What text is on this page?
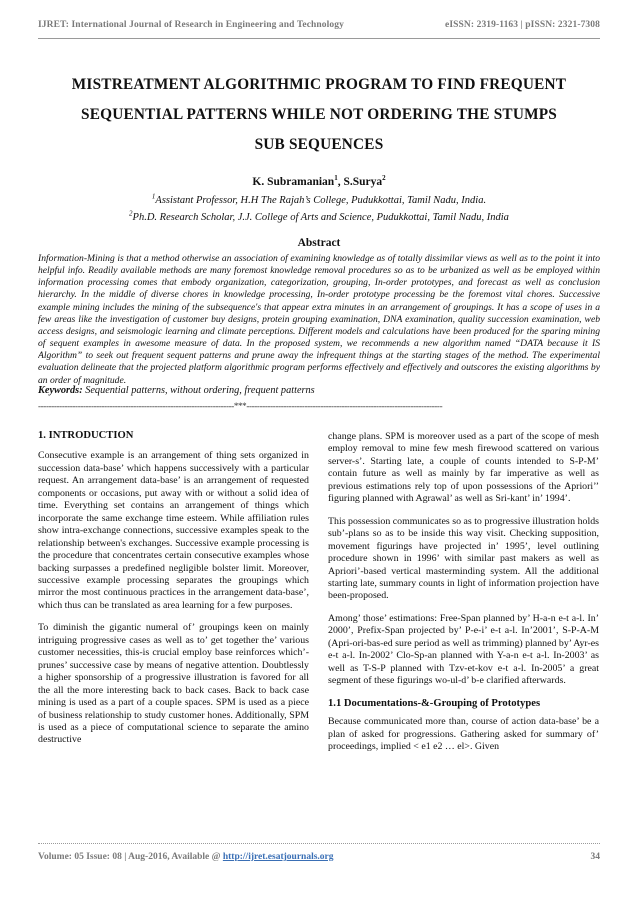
IJRET: International Journal of Research in Engineering and Technology	eISSN: 2319-1163 | pISSN: 2321-7308
MISTREATMENT ALGORITHMIC PROGRAM TO FIND FREQUENT
SEQUENTIAL PATTERNS WHILE NOT ORDERING THE STUMPS
SUB SEQUENCES
K. Subramanian$^1$, S.Surya$^2$
$^1$Assistant Professor, H.H The Rajah’s College, Pudukkottai, Tamil Nadu, India.
$^2$Ph.D. Research Scholar, J.J. College of Arts and Science, Pudukkottai, Tamil Nadu, India
Abstract
Information-Mining is that a method otherwise an association of examining knowledge as of totally dissimilar views as well as to the point it into helpful info. Readily available methods are many foremost knowledge removal procedures so as to be urbanized as well as be employed within information processing comes that embody organization, categorization, grouping, In-order prototypes, and forecast as well as conclusion hierarchy. In the middle of diverse chores in knowledge processing, In-order prototype processing be the foremost vital chores. Successive example mining includes the mining of the subsequence's that appear extra minutes in an arrangement of groupings. It has a scope of uses in a few areas like the investigation of customer buy designs, protein grouping examination, DNA examination, quality succession examination, web access designs, and seismologic learning and climate perceptions. Different models and calculations have been produced for the sparing mining of sequent examples in awesome measure of data. In the proposed system, we recommends a new algorithm named “DATA because it IS Algorithm” to seek out frequent sequent patterns and prune away the infrequent things at the starting stages of the method. The experimental evaluation delineate that the projected platform algorithmic program performs effectively and effectively and outscores the existing algorithms by an order of magnitude.
Keywords: Sequential patterns, without ordering, frequent patterns
--------------------------------------------------------------------------***--------------------------------------------------------------------------
1. INTRODUCTION

Consecutive example is an arrangement of thing sets organized in succession data-base’ which happens successively with a particular request. An arrangement data-base’ is an arrangement of requested components or occasions, put away with or without a solid idea of time. Everything set contains an arrangement of things which incorporate the same exchange time esteem. While affiliation rules show intra-exchange connections, successive examples speak to the relationship between's exchanges. Successive example processing is the procedure that concentrates certain consecutive examples whose backing surpasses a predefined negligible bolster limit. Moreover, successive example processing separates the groupings which mirror the most continuous practices in the arrangement data-base’, which thus can be translated as area learning for a few purposes.

To diminish the gigantic numeral of’ groupings keen on mainly intriguing progressive cases as well as to’ get together the’ various customer necessities, this-is crucial employ base reinforces which’-prunes’ successive case by means of negative attention. Doubtlessly a higher sponsorship of a progressive illustration is favored for all the all the more interesting back to back cases. Back to back case mining is used as a part of a couple spaces. SPM is used as a piece of business relationship to study customer hones. Additionally, SPM is used as a piece of computational science to separate the amino destructive

change plans. SPM is moreover used as a part of the scope of mesh employ removal to mine few mesh firewood scattered on various server-s’. Starting late, a couple of counts intended to S-P-M’ contain future as well as mainly by far imperative as well as previous estimations rely top of upon possessions of the Apriori’’ figuring planned with Agrawal’ as well as Sri-kant’ in’ 1994’.

This possession communicates so as to progressive illustration holds sub’-plans so as to be inside this way visit. Checking supposition, movement figurings have projected in’ 1995’, level outlining procedure shown in 1996’ with similar past makers as well as Apriori’-based vertical masterminding system. All the additional starting late, summary counts in light of information projection have been-proposed.

Among’ those’ estimations: Free-Span planned by’ H-a-n e-t a-l. In’ 2000’, Prefix-Span projected by’ P-e-i’ e-t a-l. In’2001’, S-P-A-M (Apri-ori-bas-ed sure period as well as trimming) planned by’ Ayr-es e-t a-l. In-2002’ Clo-Sp-an planned with Y-a-n e-t a-l. In-2003’ as well as T-S-P planned with Tzv-et-kov e-t a-l. In-2005’ a great segment of these figurings wo-ul-d’ b-e clarified afterwards.

1.1 Documentations-&-Grouping of Prototypes

Because communicated more than, course of action data-base’ be a plan of asked for progressions. Gathering asked for summary of’ proceedings, implied < e1 e2 … el>. Given

Volume: 05 Issue: 08 | Aug-2016, Available @ http://ijret.esatjournals.org	34
